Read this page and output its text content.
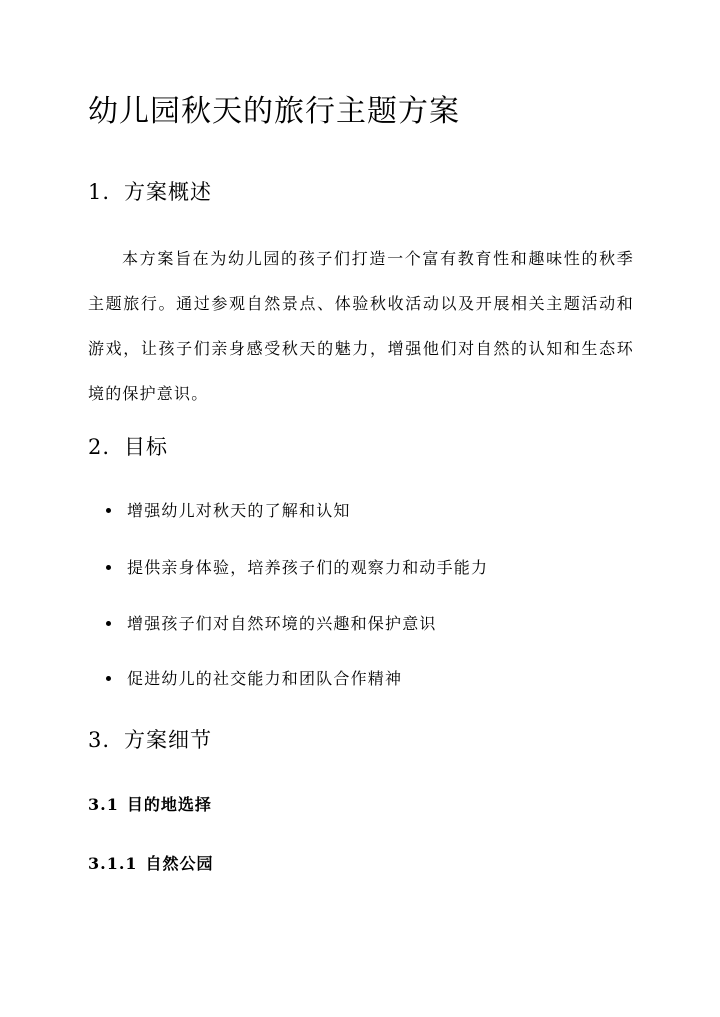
幼儿园秋天的旅行主题方案
1. 方案概述

本方案旨在为幼儿园的孩子们打造一个富有教育性和趣味性的秋季主题旅行。通过参观自然景点、体验秋收活动以及开展相关主题活动和游戏，让孩子们亲身感受秋天的魅力，增强他们对自然的认知和生态环境的保护意识。

2. 目标
增强幼儿对秋天的了解和认知
提供亲身体验，培养孩子们的观察力和动手能力
增强孩子们对自然环境的兴趣和保护意识
促进幼儿的社交能力和团队合作精神
3. 方案细节
3.1 目的地选择
3.1.1 自然公园
